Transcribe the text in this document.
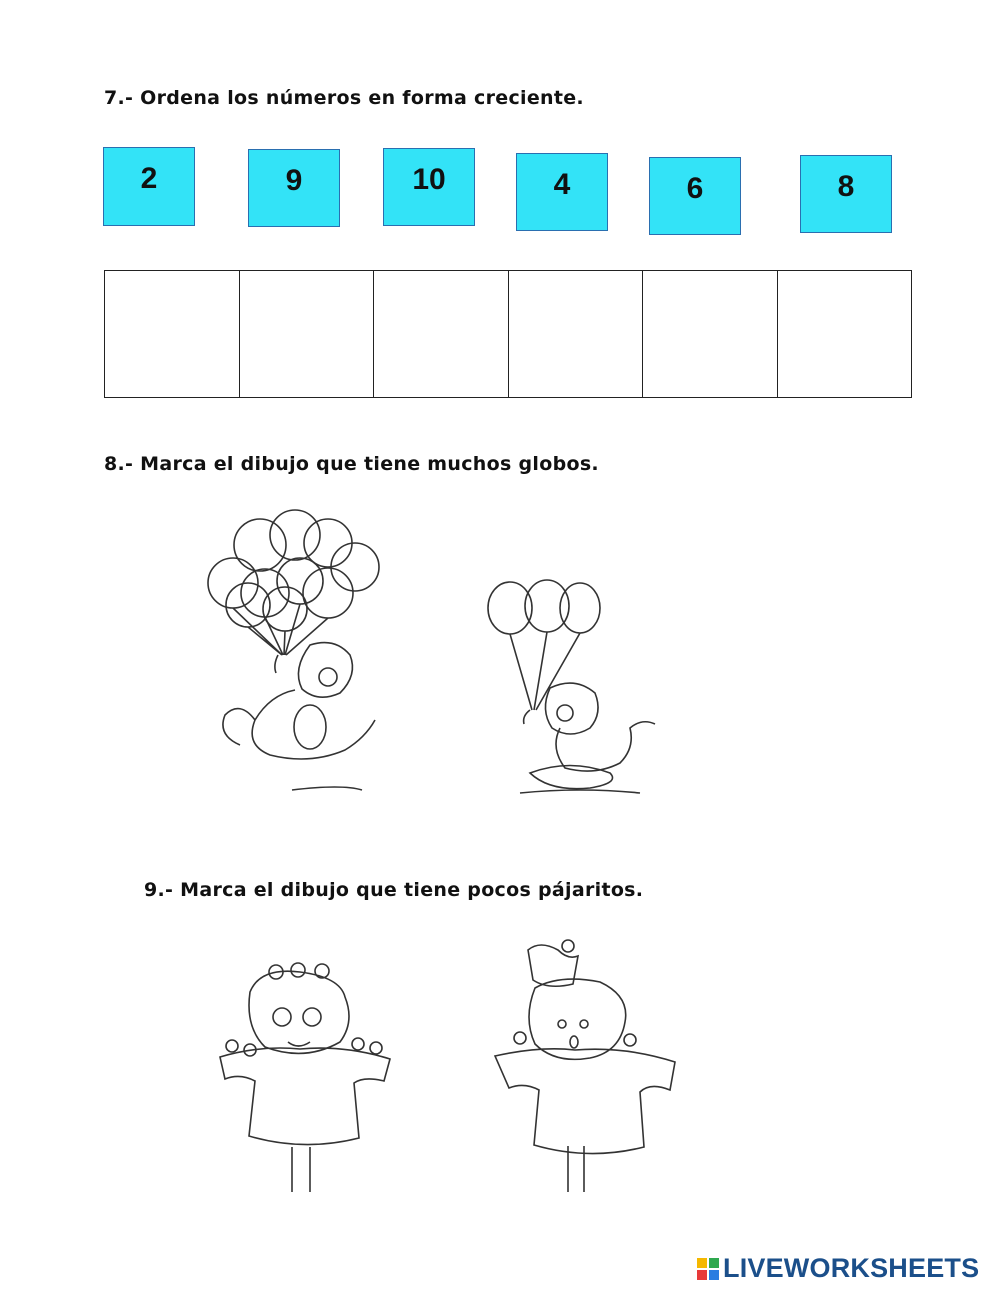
7.- Ordena los números en forma creciente.
2	9	10	4	6	8
8.- Marca el dibujo que tiene muchos globos.
9.- Marca el dibujo que tiene pocos pájaritos.
LIVEWORKSHEETS
